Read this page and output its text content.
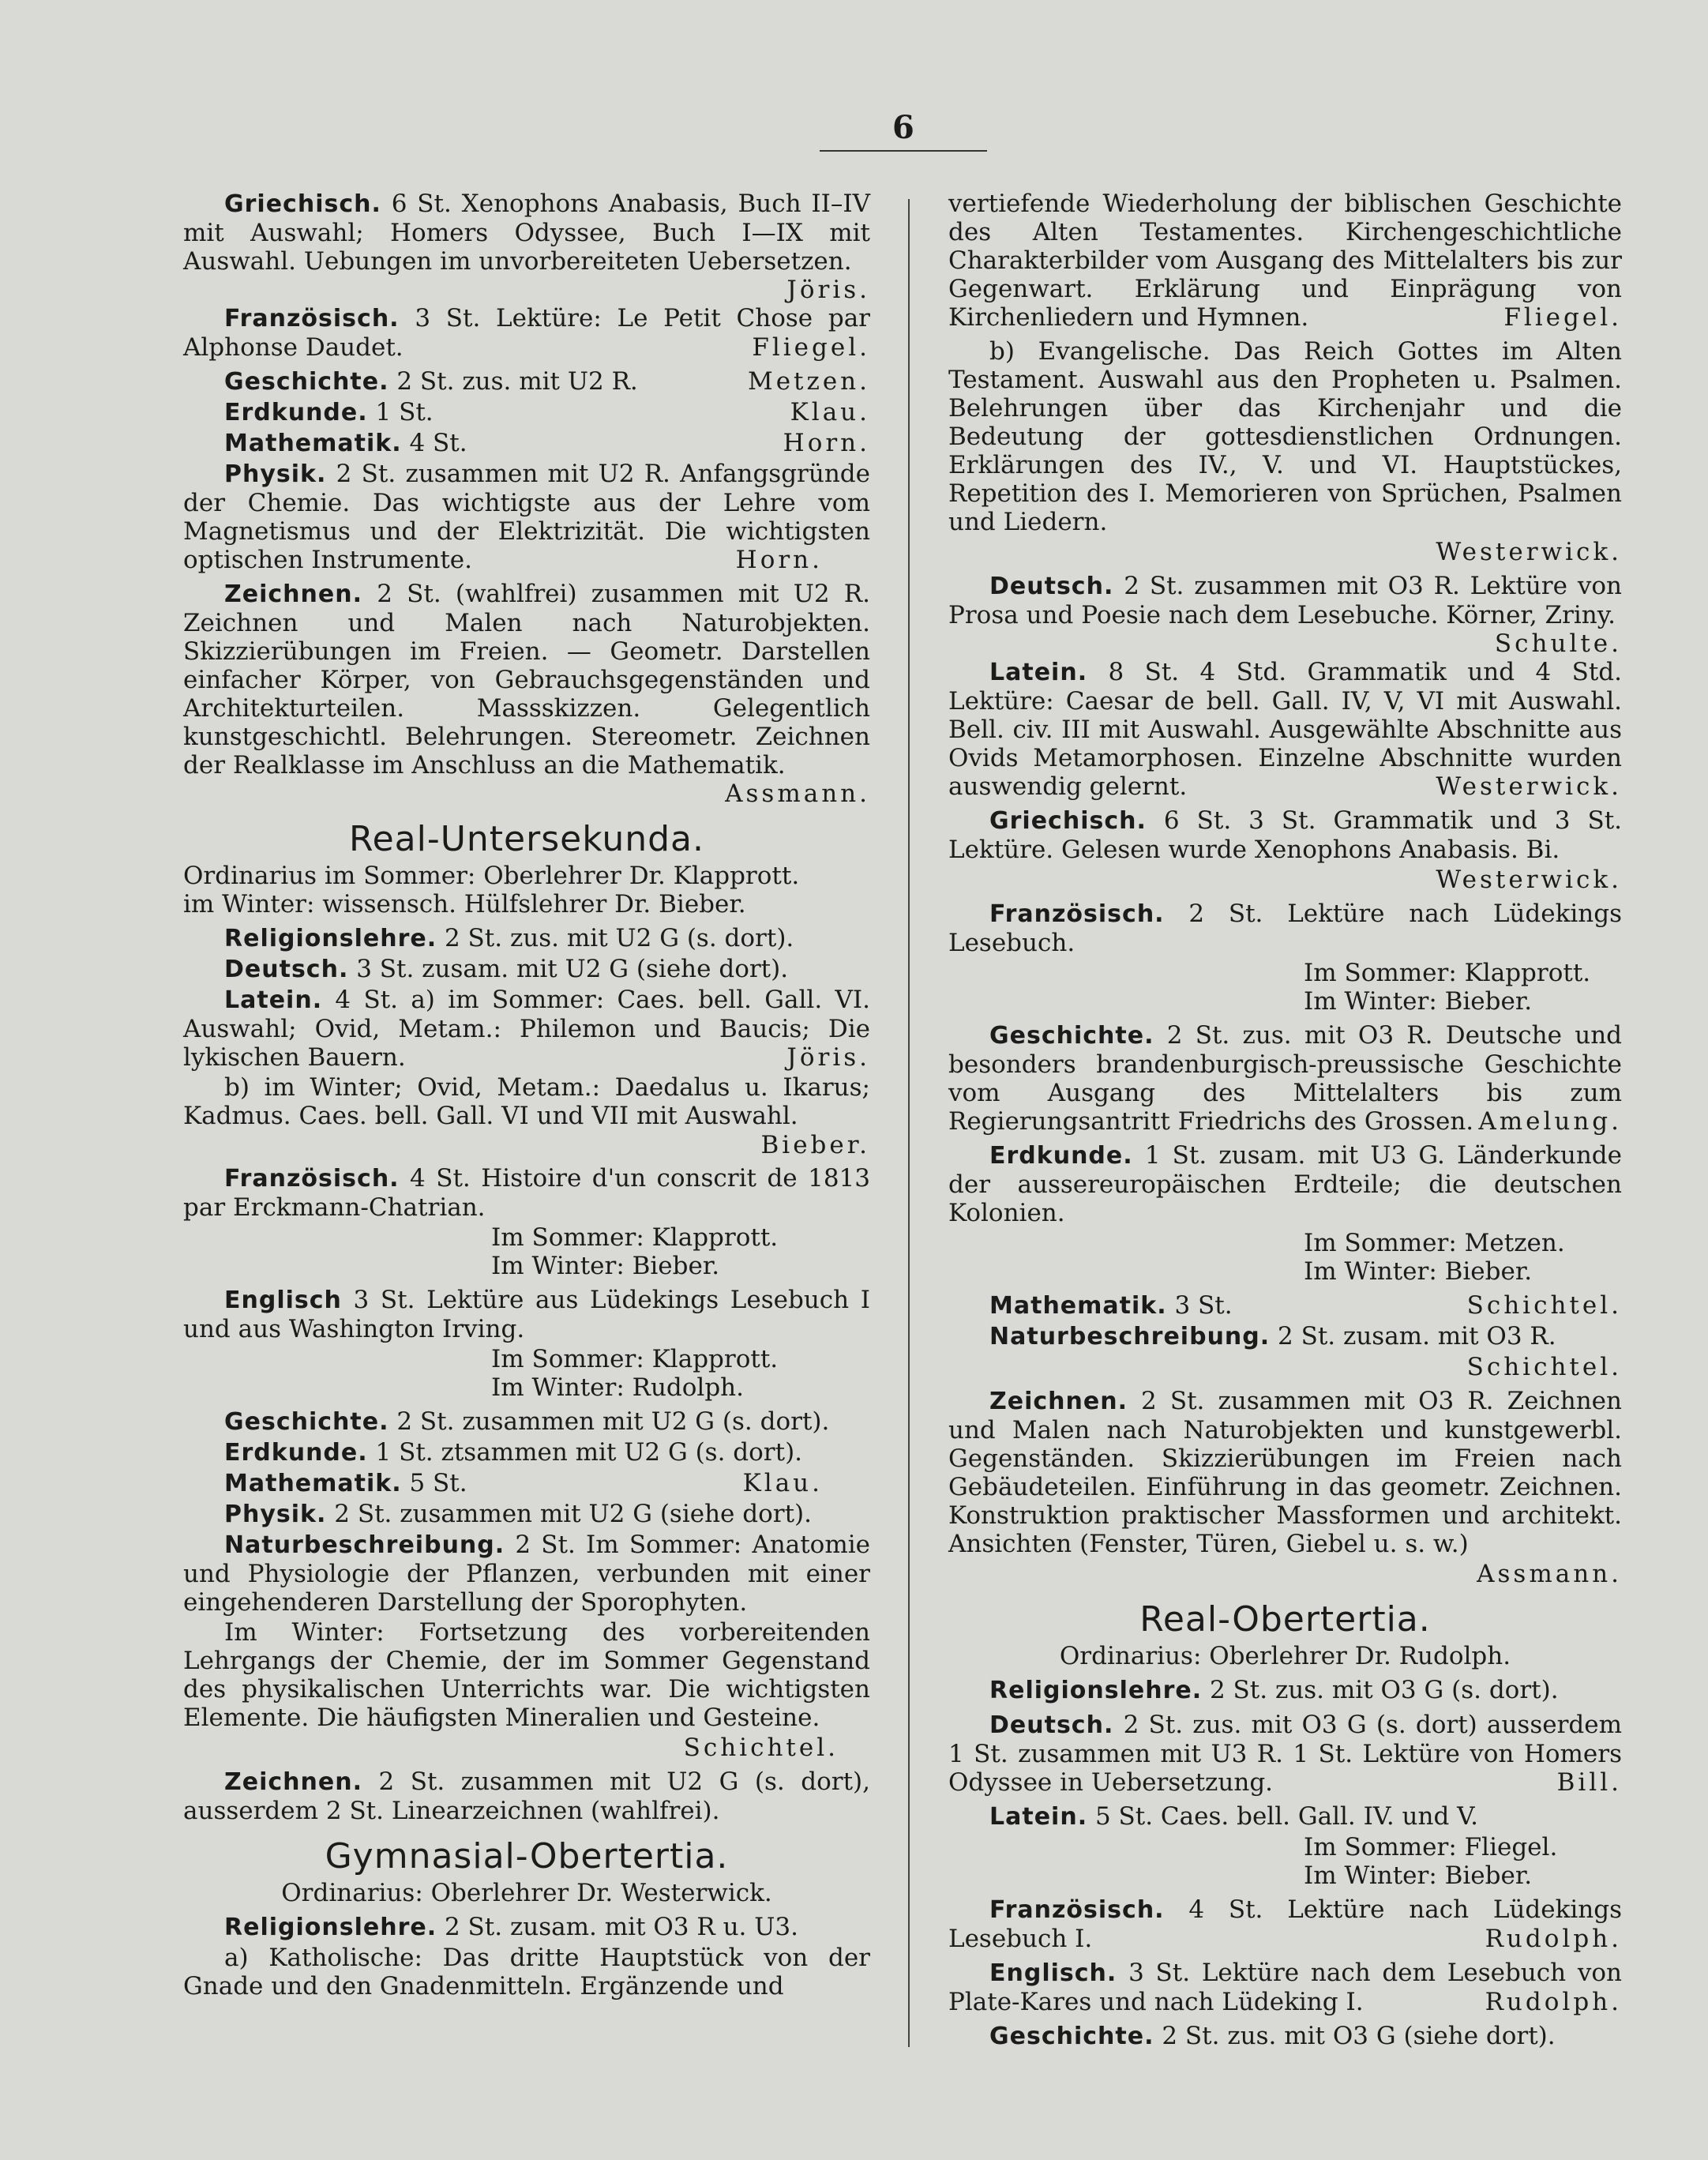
6

Griechisch. 6 St. Xenophons Anabasis, Buch II–IV mit Auswahl; Homers Odyssee, Buch I—IX mit Auswahl. Uebungen im unvorbereiteten Uebersetzen.
Jöris.

Französisch. 3 St. Lektüre: Le Petit Chose par Alphonse Daudet.	Fliegel.

Geschichte. 2 St. zus. mit U2 R.	Metzen.
Erdkunde. 1 St.	Klau.
Mathematik. 4 St.	Horn.

Physik. 2 St. zusammen mit U2 R. Anfangsgründe der Chemie. Das wichtigste aus der Lehre vom Magnetismus und der Elektrizität. Die wichtigsten optischen Instrumente.	Horn.

Zeichnen. 2 St. (wahlfrei) zusammen mit U2 R. Zeichnen und Malen nach Naturobjekten. Skizzierübungen im Freien. — Geometr. Darstellen einfacher Körper, von Gebrauchsgegenständen und Architekturteilen. Massskizzen. Gelegentlich kunstgeschichtl. Belehrungen. Stereometr. Zeichnen der Realklasse im Anschluss an die Mathematik.
Assmann.

Real-Untersekunda.
Ordinarius im Sommer: Oberlehrer Dr. Klapprott.
im Winter: wissensch. Hülfslehrer Dr. Bieber.

Religionslehre. 2 St. zus. mit U2 G (s. dort).

Deutsch. 3 St. zusam. mit U2 G (siehe dort).

Latein. 4 St. a) im Sommer: Caes. bell. Gall. VI. Auswahl; Ovid, Metam.: Philemon und Baucis; Die lykischen Bauern.	Jöris.

b) im Winter; Ovid, Metam.: Daedalus u. Ikarus; Kadmus. Caes. bell. Gall. VI und VII mit Auswahl.

Bieber.

Französisch. 4 St. Histoire d'un conscrit de 1813 par Erckmann-Chatrian.

Im Sommer: Klapprott.
Im Winter: Bieber.

Englisch 3 St. Lektüre aus Lüdekings Lesebuch I und aus Washington Irving.

Im Sommer: Klapprott.
Im Winter: Rudolph.

Geschichte. 2 St. zusammen mit U2 G (s. dort).

Erdkunde. 1 St. ztsammen mit U2 G (s. dort).

Mathematik. 5 St.	Klau.

Physik. 2 St. zusammen mit U2 G (siehe dort).

Naturbeschreibung. 2 St. Im Sommer: Anatomie und Physiologie der Pflanzen, verbunden mit einer eingehenderen Darstellung der Sporophyten.

Im Winter: Fortsetzung des vorbereitenden Lehrgangs der Chemie, der im Sommer Gegenstand des physikalischen Unterrichts war. Die wichtigsten Elemente. Die häufigsten Mineralien und Gesteine.

Schichtel.

Zeichnen. 2 St. zusammen mit U2 G (s. dort), ausserdem 2 St. Linearzeichnen (wahlfrei).

Gymnasial-Obertertia.
Ordinarius: Oberlehrer Dr. Westerwick.

Religionslehre. 2 St. zusam. mit O3 R u. U3.

a) Katholische: Das dritte Hauptstück von der Gnade und den Gnadenmitteln. Ergänzende und

vertiefende Wiederholung der biblischen Geschichte des Alten Testamentes. Kirchengeschichtliche Charakterbilder vom Ausgang des Mittelalters bis zur Gegenwart. Erklärung und Einprägung von Kirchenliedern und Hymnen.	Fliegel.

b) Evangelische. Das Reich Gottes im Alten Testament. Auswahl aus den Propheten u. Psalmen. Belehrungen über das Kirchenjahr und die Bedeutung der gottesdienstlichen Ordnungen. Erklärungen des IV., V. und VI. Hauptstückes, Repetition des I. Memorieren von Sprüchen, Psalmen und Liedern.

Westerwick.

Deutsch. 2 St. zusammen mit O3 R. Lektüre von Prosa und Poesie nach dem Lesebuche. Körner, Zriny.
Schulte.

Latein. 8 St. 4 Std. Grammatik und 4 Std. Lektüre: Caesar de bell. Gall. IV, V, VI mit Auswahl. Bell. civ. III mit Auswahl. Ausgewählte Abschnitte aus Ovids Metamorphosen. Einzelne Abschnitte wurden auswendig gelernt.	Westerwick.

Griechisch. 6 St. 3 St. Grammatik und 3 St. Lektüre. Gelesen wurde Xenophons Anabasis. Bi.

Westerwick.

Französisch. 2 St. Lektüre nach Lüdekings Lesebuch.

Im Sommer: Klapprott.
Im Winter: Bieber.

Geschichte. 2 St. zus. mit O3 R. Deutsche und besonders brandenburgisch-preussische Geschichte vom Ausgang des Mittelalters bis zum Regierungsantritt Friedrichs des Grossen. Amelung.

Erdkunde. 1 St. zusam. mit U3 G. Länderkunde der aussereuropäischen Erdteile; die deutschen Kolonien.

Im Sommer: Metzen.
Im Winter: Bieber.
Mathematik. 3 St.	Schichtel.

Naturbeschreibung. 2 St. zusam. mit O3 R.

Schichtel.

Zeichnen. 2 St. zusammen mit O3 R. Zeichnen und Malen nach Naturobjekten und kunstgewerbl. Gegenständen. Skizzierübungen im Freien nach Gebäudeteilen. Einführung in das geometr. Zeichnen. Konstruktion praktischer Massformen und architekt. Ansichten (Fenster, Türen, Giebel u. s. w.)

Assmann.
Real-Obertertia.
Ordinarius: Oberlehrer Dr. Rudolph.

Religionslehre. 2 St. zus. mit O3 G (s. dort).

Deutsch. 2 St. zus. mit O3 G (s. dort) ausserdem 1 St. zusammen mit U3 R. 1 St. Lektüre von Homers Odyssee in Uebersetzung.	Bill.

Latein. 5 St. Caes. bell. Gall. IV. und V.

Im Sommer: Fliegel.
Im Winter: Bieber.

Französisch. 4 St. Lektüre nach Lüdekings Lesebuch I.	Rudolph.

Englisch. 3 St. Lektüre nach dem Lesebuch von Plate-Kares und nach Lüdeking I.	Rudolph.

Geschichte. 2 St. zus. mit O3 G (siehe dort).
